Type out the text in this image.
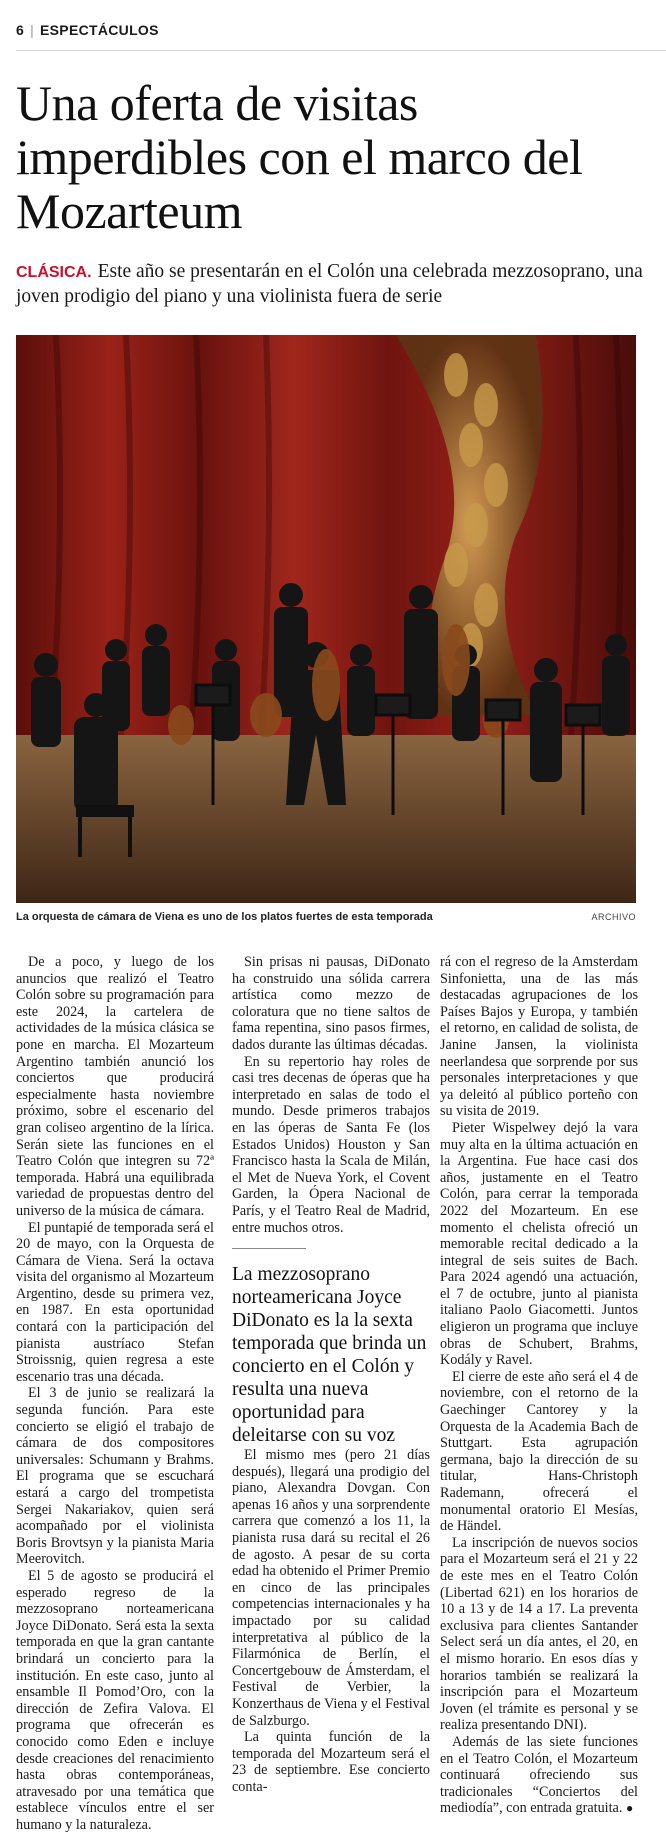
6 | ESPECTÁCULOS
Una oferta de visitas imperdibles con el marco del Mozarteum

CLÁSICA. Este año se presentarán en el Colón una celebrada mezzosoprano, una joven prodigio del piano y una violinista fuera de serie

La orquesta de cámara de Viena es uno de los platos fuertes de esta temporada	ARCHIVO

De a poco, y luego de los anuncios que realizó el Teatro Colón sobre su programación para este 2024, la cartelera de actividades de la música clásica se pone en marcha. El Mozarteum Argentino también anunció los conciertos que producirá especialmente hasta noviembre próximo, sobre el escenario del gran coliseo argentino de la lírica. Serán siete las funciones en el Teatro Colón que integren su 72ª temporada. Habrá una equilibrada variedad de propuestas dentro del universo de la música de cámara.

El puntapié de temporada será el 20 de mayo, con la Orquesta de Cámara de Viena. Será la octava visita del organismo al Mozarteum Argentino, desde su primera vez, en 1987. En esta oportunidad contará con la participación del pianista austríaco Stefan Stroissnig, quien regresa a este escenario tras una década.

El 3 de junio se realizará la segunda función. Para este concierto se eligió el trabajo de cámara de dos compositores universales: Schumann y Brahms. El programa que se escuchará estará a cargo del trompetista Sergei Nakariakov, quien será acompañado por el violinista Boris Brovtsyn y la pianista Maria Meerovitch.

El 5 de agosto se producirá el esperado regreso de la mezzosoprano norteamericana Joyce DiDonato. Será esta la sexta temporada en que la gran cantante brindará un concierto para la institución. En este caso, junto al ensamble Il Pomod’Oro, con la dirección de Zefira Valova. El programa que ofrecerán es conocido como Eden e incluye desde creaciones del renacimiento hasta obras contemporáneas, atravesado por una temática que establece vínculos entre el ser humano y la naturaleza.

Sin prisas ni pausas, DiDonato ha construido una sólida carrera artística como mezzo de coloratura que no tiene saltos de fama repentina, sino pasos firmes, dados durante las últimas décadas.

En su repertorio hay roles de casi tres decenas de óperas que ha interpretado en salas de todo el mundo. Desde primeros trabajos en las óperas de Santa Fe (los Estados Unidos) Houston y San Francisco hasta la Scala de Milán, el Met de Nueva York, el Covent Garden, la Ópera Nacional de París, y el Teatro Real de Madrid, entre muchos otros.

La mezzosoprano norteamericana Joyce DiDonato es la la sexta temporada que brinda un concierto en el Colón y resulta una nueva oportunidad para deleitarse con su voz

El mismo mes (pero 21 días después), llegará una prodigio del piano, Alexandra Dovgan. Con apenas 16 años y una sorprendente carrera que comenzó a los 11, la pianista rusa dará su recital el 26 de agosto. A pesar de su corta edad ha obtenido el Primer Premio en cinco de las principales competencias internacionales y ha impactado por su calidad interpretativa al público de la Filarmónica de Berlín, el Concertgebouw de Ámsterdam, el Festival de Verbier, la Konzerthaus de Viena y el Festival de Salzburgo.

La quinta función de la temporada del Mozarteum será el 23 de septiembre. Ese concierto conta-

rá con el regreso de la Amsterdam Sinfonietta, una de las más destacadas agrupaciones de los Países Bajos y Europa, y también el retorno, en calidad de solista, de Janine Jansen, la violinista neerlandesa que sorprende por sus personales interpretaciones y que ya deleitó al público porteño con su visita de 2019.

Pieter Wispelwey dejó la vara muy alta en la última actuación en la Argentina. Fue hace casi dos años, justamente en el Teatro Colón, para cerrar la temporada 2022 del Mozarteum. En ese momento el chelista ofreció un memorable recital dedicado a la integral de seis suites de Bach. Para 2024 agendó una actuación, el 7 de octubre, junto al pianista italiano Paolo Giacometti. Juntos eligieron un programa que incluye obras de Schubert, Brahms, Kodály y Ravel.

El cierre de este año será el 4 de noviembre, con el retorno de la Gaechinger Cantorey y la Orquesta de la Academia Bach de Stuttgart. Esta agrupación germana, bajo la dirección de su titular, Hans-Christoph Rademann, ofrecerá el monumental oratorio El Mesías, de Händel.

La inscripción de nuevos socios para el Mozarteum será el 21 y 22 de este mes en el Teatro Colón (Libertad 621) en los horarios de 10 a 13 y de 14 a 17. La preventa exclusiva para clientes Santander Select será un día antes, el 20, en el mismo horario. En esos días y horarios también se realizará la inscripción para el Mozarteum Joven (el trámite es personal y se realiza presentando DNI).

Además de las siete funciones en el Teatro Colón, el Mozarteum continuará ofreciendo sus tradicionales “Conciertos del mediodía”, con entrada gratuita. ●
